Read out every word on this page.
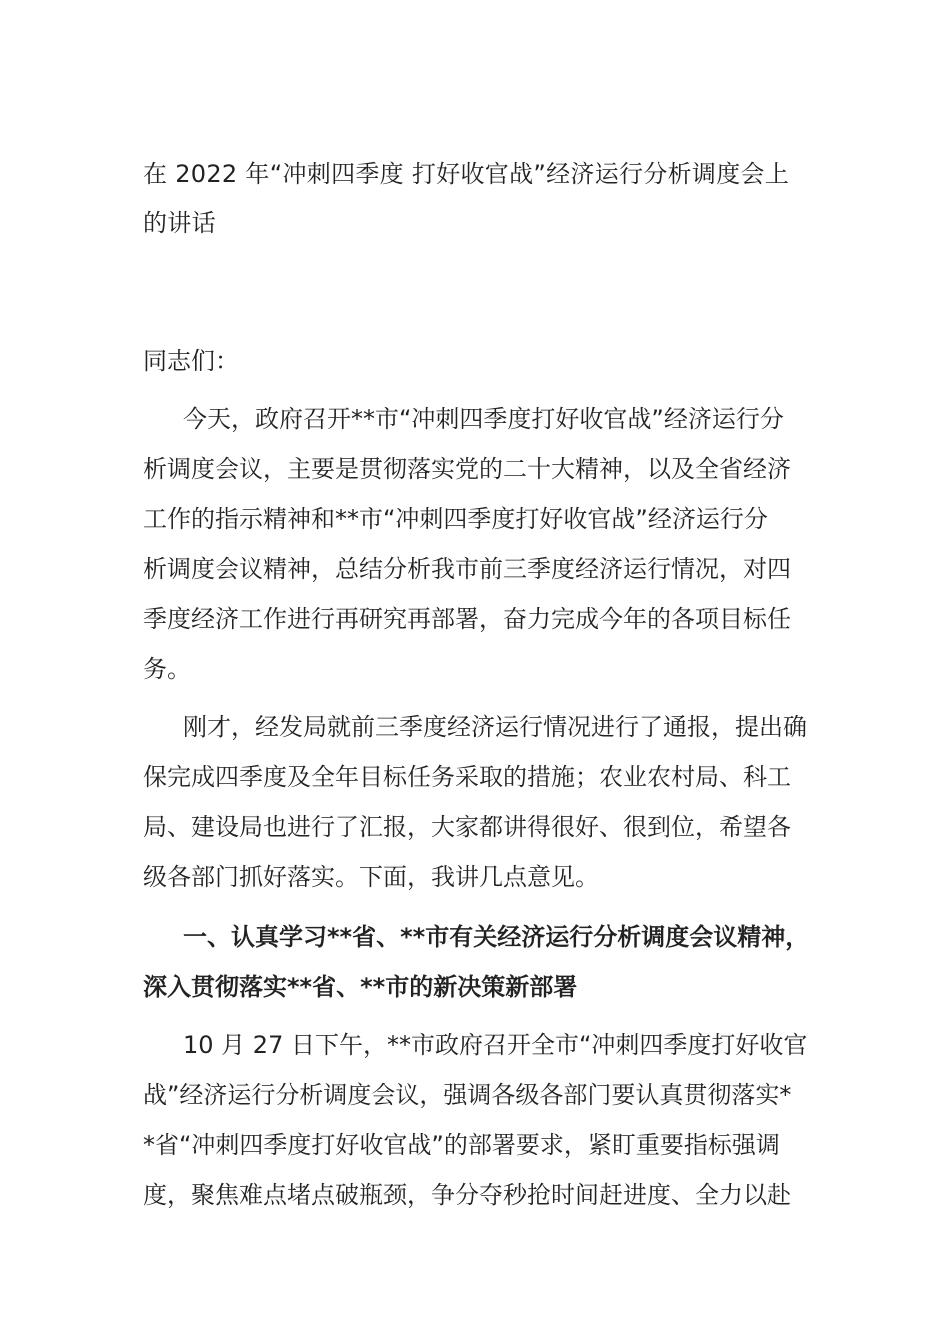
在 2022 年“冲刺四季度 打好收官战”经济运行分析调度会上
的讲话

同志们：

今天，政府召开**市“冲刺四季度打好收官战”经济运行分
析调度会议，主要是贯彻落实党的二十大精神，以及全省经济
工作的指示精神和**市“冲刺四季度打好收官战”经济运行分
析调度会议精神，总结分析我市前三季度经济运行情况，对四
季度经济工作进行再研究再部署，奋力完成今年的各项目标任
务。

刚才，经发局就前三季度经济运行情况进行了通报，提出确
保完成四季度及全年目标任务采取的措施；农业农村局、科工
局、建设局也进行了汇报，大家都讲得很好、很到位，希望各
级各部门抓好落实。下面，我讲几点意见。

一、认真学习**省、**市有关经济运行分析调度会议精神，
深入贯彻落实**省、**市的新决策新部署

10 月 27 日下午，**市政府召开全市“冲刺四季度打好收官
战”经济运行分析调度会议，强调各级各部门要认真贯彻落实*
*省“冲刺四季度打好收官战”的部署要求，紧盯重要指标强调
度，聚焦难点堵点破瓶颈，争分夺秒抢时间赶进度、全力以赴
